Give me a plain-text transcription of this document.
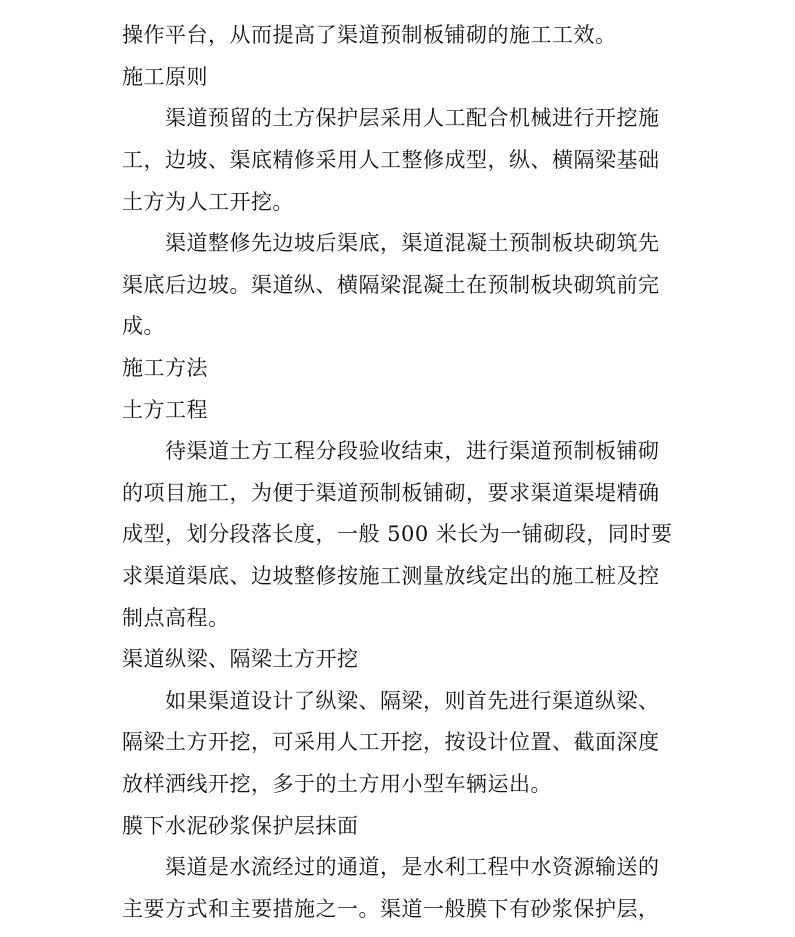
操作平台，从而提高了渠道预制板铺砌的施工工效。
施工原则
渠道预留的土方保护层采用人工配合机械进行开挖施
工，边坡、渠底精修采用人工整修成型，纵、横隔梁基础
土方为人工开挖。
渠道整修先边坡后渠底，渠道混凝土预制板块砌筑先
渠底后边坡。渠道纵、横隔梁混凝土在预制板块砌筑前完
成。
施工方法
土方工程
待渠道土方工程分段验收结束，进行渠道预制板铺砌
的项目施工，为便于渠道预制板铺砌，要求渠道渠堤精确
成型，划分段落长度，一般 500 米长为一铺砌段，同时要
求渠道渠底、边坡整修按施工测量放线定出的施工桩及控
制点高程。
渠道纵梁、隔梁土方开挖
如果渠道设计了纵梁、隔梁，则首先进行渠道纵梁、
隔梁土方开挖，可采用人工开挖，按设计位置、截面深度
放样洒线开挖，多于的土方用小型车辆运出。
膜下水泥砂浆保护层抹面
渠道是水流经过的通道，是水利工程中水资源输送的
主要方式和主要措施之一。渠道一般膜下有砂浆保护层，
